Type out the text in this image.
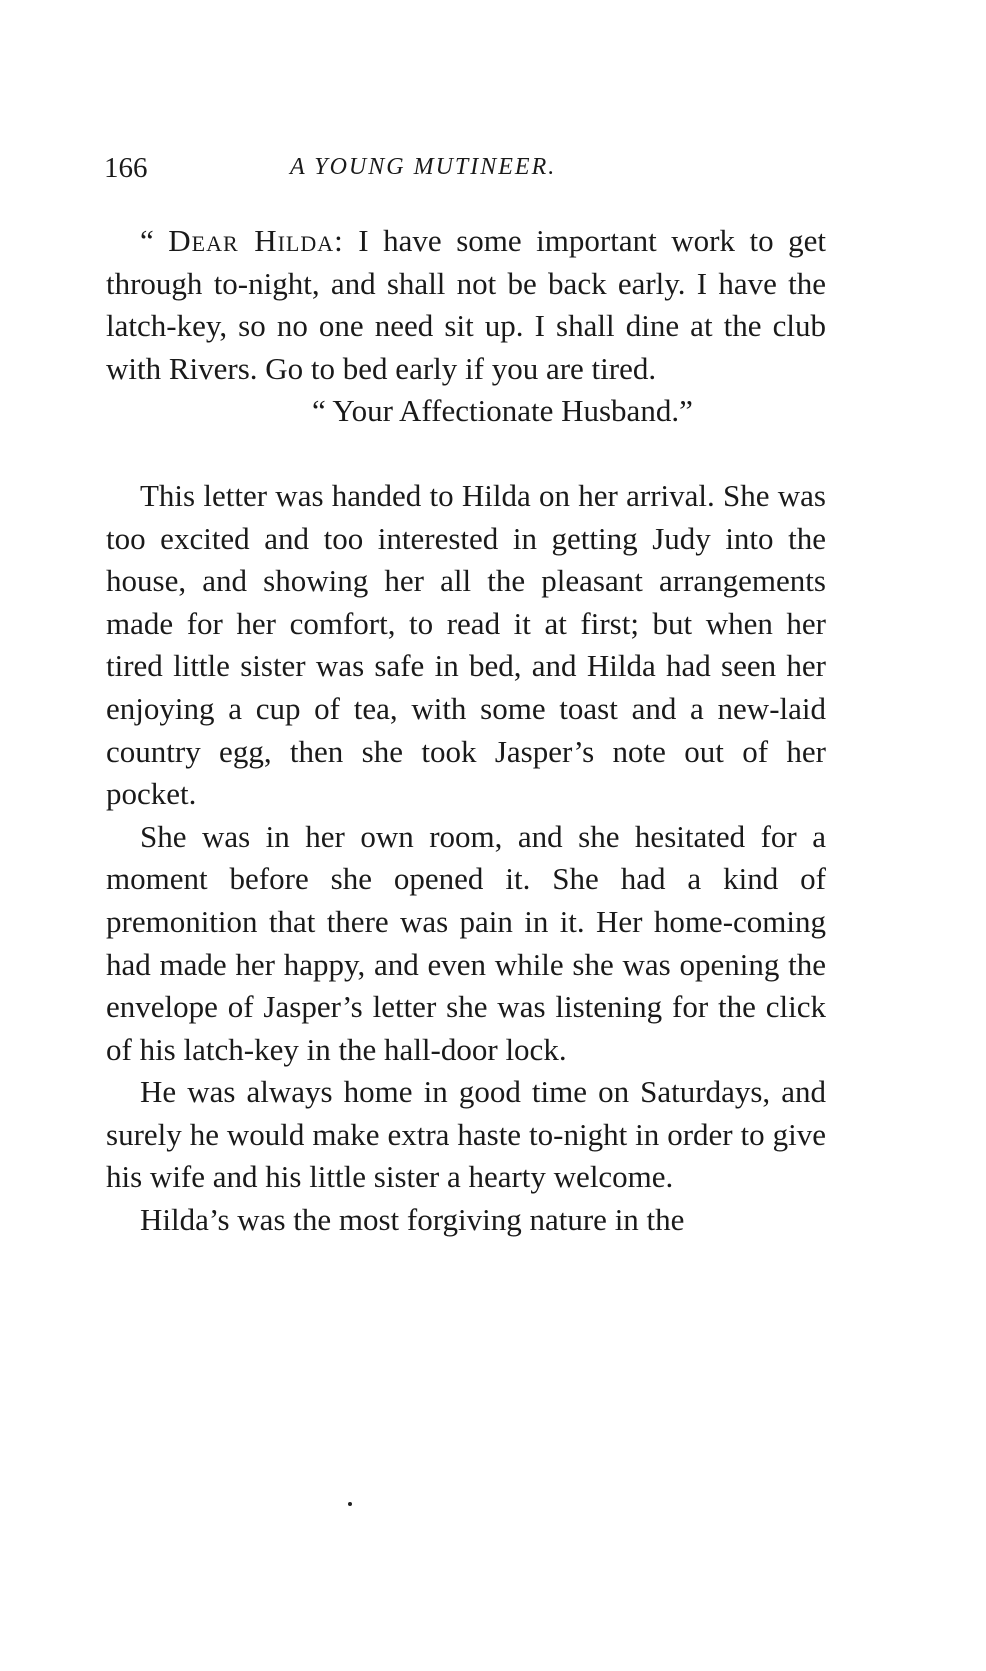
166	A YOUNG MUTINEER.

“ Dear Hilda: I have some important work to get through to-night, and shall not be back early. I have the latch-key, so no one need sit up. I shall dine at the club with Rivers. Go to bed early if you are tired.

“ Your Affectionate Husband.”

This letter was handed to Hilda on her arrival. She was too excited and too interested in getting Judy into the house, and showing her all the pleasant arrangements made for her comfort, to read it at first; but when her tired little sister was safe in bed, and Hilda had seen her enjoying a cup of tea, with some toast and a new-laid country egg, then she took Jasper’s note out of her pocket.

She was in her own room, and she hesitated for a moment before she opened it. She had a kind of premonition that there was pain in it. Her home-coming had made her happy, and even while she was opening the envelope of Jasper’s letter she was listening for the click of his latch-key in the hall-door lock.

He was always home in good time on Saturdays, and surely he would make extra haste to-night in order to give his wife and his little sister a hearty welcome.

Hilda’s was the most forgiving nature in the
